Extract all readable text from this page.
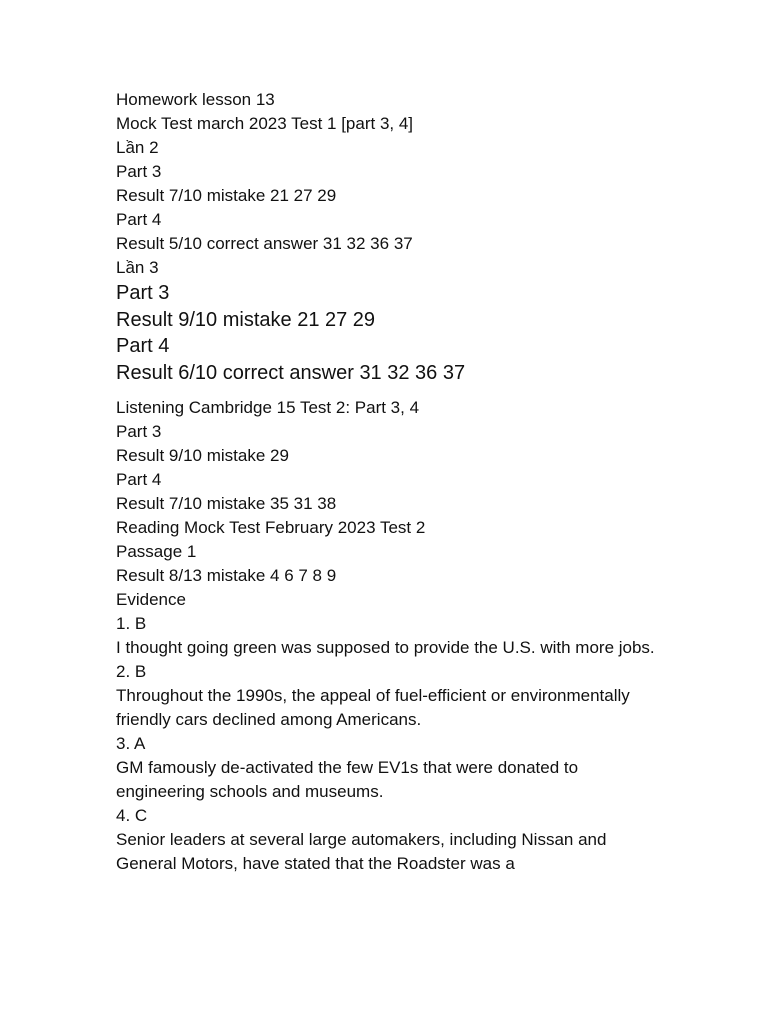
Homework lesson 13

Mock Test march 2023 Test 1 [part 3, 4]

Lần 2

Part 3

Result 7/10 mistake 21 27 29

Part 4

Result 5/10 correct answer 31 32 36 37

Lần 3

Part 3

Result 9/10 mistake 21 27 29

Part 4

Result 6/10 correct answer 31 32 36 37

Listening Cambridge 15 Test 2: Part 3, 4

Part 3

Result 9/10 mistake 29

Part 4

Result 7/10 mistake 35 31 38

Reading Mock Test February 2023 Test 2

Passage 1

Result 8/13 mistake 4 6 7 8 9

Evidence

1. B

I thought going green was supposed to provide the U.S. with more jobs.

2. B

Throughout the 1990s, the appeal of fuel-efficient or environmentally friendly cars declined among Americans.

3. A

GM famously de-activated the few EV1s that were donated to engineering schools and museums.

4. C

Senior leaders at several large automakers, including Nissan and General Motors, have stated that the Roadster was a
